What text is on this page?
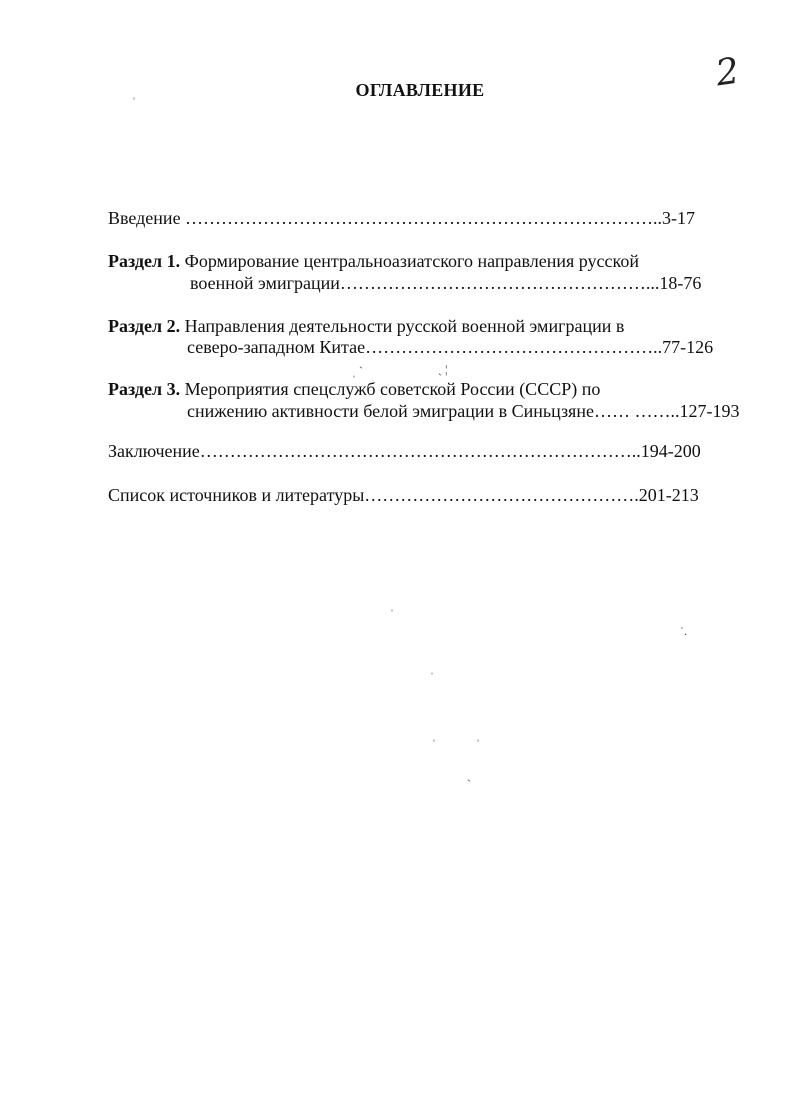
2
ОГЛАВЛЕНИЕ
Введение ……………………………………………………………………..3-17
Раздел 1. Формирование центральноазиатского направления русской
военной эмиграции……………………………………………...18-76
Раздел 2. Направления деятельности русской военной эмиграции в
северо-западном Китае…………………………………………..77-126
Раздел 3. Мероприятия спецслужб советской России (СССР) по
снижению активности белой эмиграции в Синьцзяне…… ……..127-193
Заключение………………………………………………………………..194-200
Список источников и литературы……………………………………….201-213
ˌ
ˌ ˋ	ˏ ¦
ˌ
˙.
ˌ
ˌ	ˌ
ˏ
